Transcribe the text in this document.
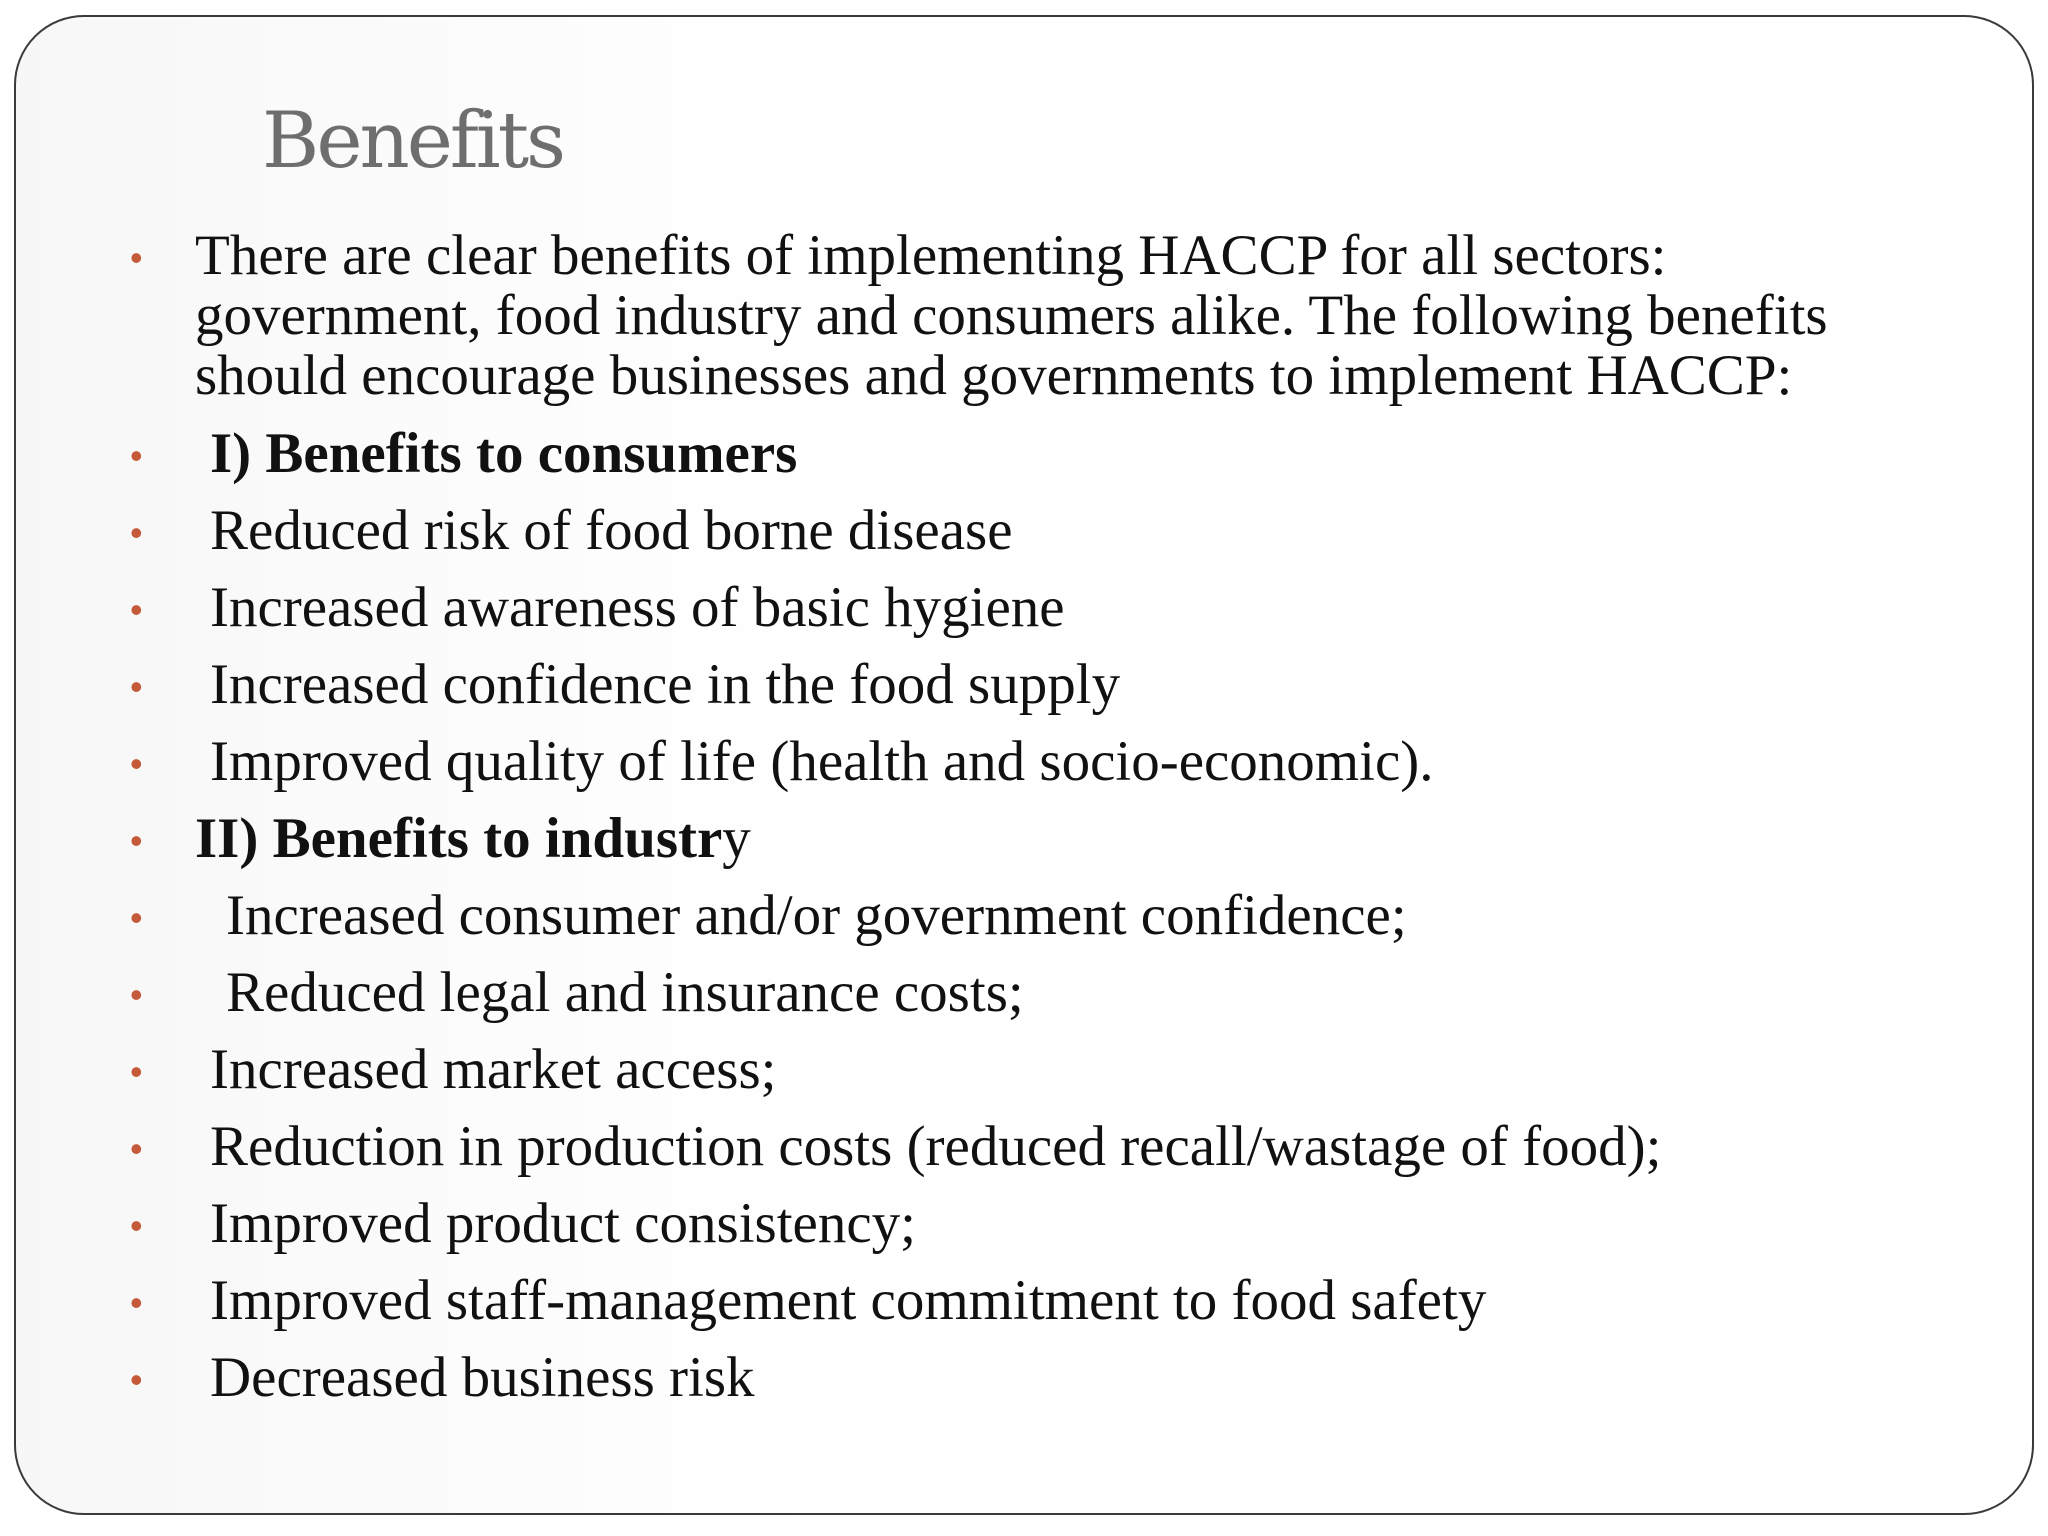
Benefits
• There are clear benefits of implementing HACCP for all sectors: government, food industry and consumers alike. The following benefits should encourage businesses and governments to implement HACCP:
• I) Benefits to consumers
• Reduced risk of food borne disease
• Increased awareness of basic hygiene
• Increased confidence in the food supply
• Improved quality of life (health and socio-economic).
• II) Benefits to industry
• Increased consumer and/or government confidence;
• Reduced legal and insurance costs;
• Increased market access;
• Reduction in production costs (reduced recall/wastage of food);
• Improved product consistency;
• Improved staff-management commitment to food safety
• Decreased business risk
